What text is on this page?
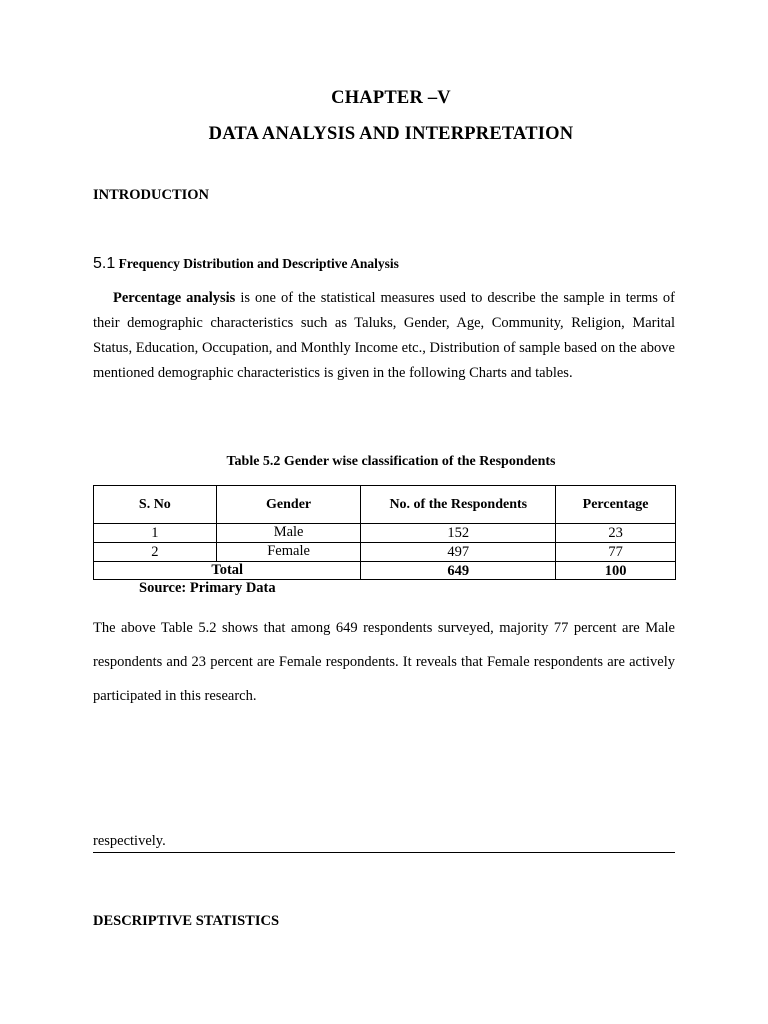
CHAPTER –V
DATA ANALYSIS AND INTERPRETATION
INTRODUCTION
5.1 Frequency Distribution and Descriptive Analysis
Percentage analysis is one of the statistical measures used to describe the sample in terms of their demographic characteristics such as Taluks, Gender, Age, Community, Religion, Marital Status, Education, Occupation, and Monthly Income etc., Distribution of sample based on the above mentioned demographic characteristics is given in the following Charts and tables.
Table 5.2 Gender wise classification of the Respondents
S. No	Gender	No. of the Respondents	Percentage
1	Male	152	23
2	Female	497	77
Total		649	100
Source: Primary Data
The above Table 5.2 shows that among 649 respondents surveyed, majority 77 percent are Male respondents and 23 percent are Female respondents. It reveals that Female respondents are actively participated in this research.
respectively.
DESCRIPTIVE STATISTICS
